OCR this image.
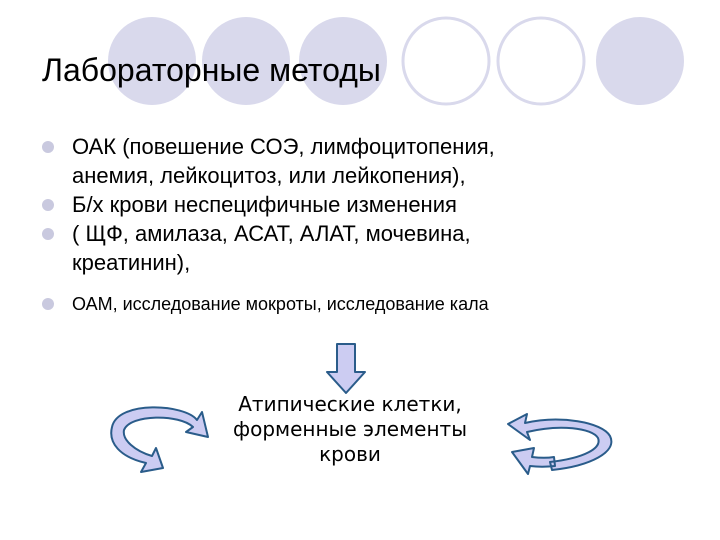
Лабораторные методы
ОАК (повешение СОЭ, лимфоцитопения,
анемия, лейкоцитоз, или лейкопения),
Б/х крови неспецифичные изменения
( ЩФ, амилаза, АСАТ, АЛАТ, мочевина,
креатинин),
ОАМ, исследование мокроты, исследование кала

Атипические клетки,
форменные элементы
крови
